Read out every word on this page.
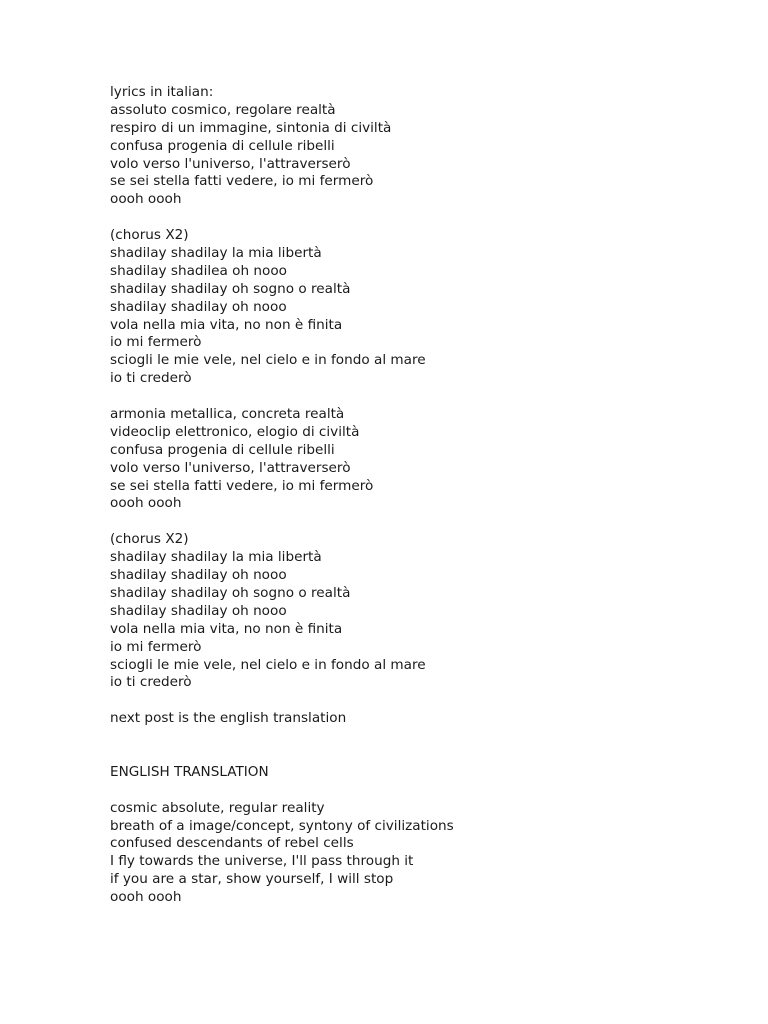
lyrics in italian:
assoluto cosmico, regolare realtà
respiro di un immagine, sintonia di civiltà
confusa progenia di cellule ribelli
volo verso l'universo, l'attraverserò
se sei stella fatti vedere, io mi fermerò
oooh oooh
(chorus X2)
shadilay shadilay la mia libertà
shadilay shadilea oh nooo
shadilay shadilay oh sogno o realtà
shadilay shadilay oh nooo
vola nella mia vita, no non è finita
io mi fermerò
sciogli le mie vele, nel cielo e in fondo al mare
io ti crederò
armonia metallica, concreta realtà
videoclip elettronico, elogio di civiltà
confusa progenia di cellule ribelli
volo verso l'universo, l'attraverserò
se sei stella fatti vedere, io mi fermerò
oooh oooh
(chorus X2)
shadilay shadilay la mia libertà
shadilay shadilay oh nooo
shadilay shadilay oh sogno o realtà
shadilay shadilay oh nooo
vola nella mia vita, no non è finita
io mi fermerò
sciogli le mie vele, nel cielo e in fondo al mare
io ti crederò
next post is the english translation
ENGLISH TRANSLATION
cosmic absolute, regular reality
breath of a image/concept, syntony of civilizations
confused descendants of rebel cells
I fly towards the universe, I'll pass through it
if you are a star, show yourself, I will stop
oooh oooh
